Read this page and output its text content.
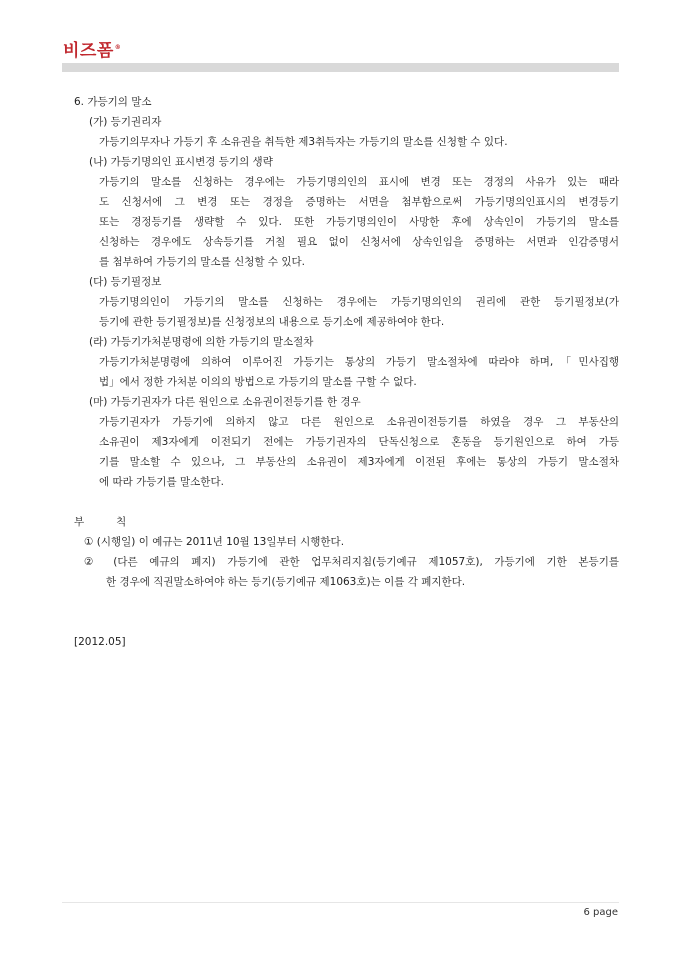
비즈폼®
6. 가등기의 말소
(가) 등기권리자
가등기의무자나 가등기 후 소유권을 취득한 제3취득자는 가등기의 말소를 신청할 수 있다.
(나) 가등기명의인 표시변경 등기의 생략
가등기의 말소를 신청하는 경우에는 가등기명의인의 표시에 변경 또는 경정의 사유가 있는 때라
도 신청서에 그 변경 또는 경정을 증명하는 서면을 첨부함으로써 가등기명의인표시의 변경등기
또는 경정등기를 생략할 수 있다. 또한 가등기명의인이 사망한 후에 상속인이 가등기의 말소를
신청하는 경우에도 상속등기를 거칠 필요 없이 신청서에 상속인임을 증명하는 서면과 인감증명서
를 첨부하여 가등기의 말소를 신청할 수 있다.
(다) 등기필정보
가등기명의인이 가등기의 말소를 신청하는 경우에는 가등기명의인의 권리에 관한 등기필정보(가
등기에 관한 등기필정보)를 신청정보의 내용으로 등기소에 제공하여야 한다.
(라) 가등기가처분명령에 의한 가등기의 말소절차
가등기가처분명령에 의하여 이루어진 가등기는 통상의 가등기 말소절차에 따라야 하며,「민사집행
법」에서 정한 가처분 이의의 방법으로 가등기의 말소를 구할 수 없다.
(마) 가등기권자가 다른 원인으로 소유권이전등기를 한 경우
가등기권자가 가등기에 의하지 않고 다른 원인으로 소유권이전등기를 하였을 경우 그 부동산의
소유권이 제3자에게 이전되기 전에는 가등기권자의 단독신청으로 혼동을 등기원인으로 하여 가등
기를 말소할 수 있으나, 그 부동산의 소유권이 제3자에게 이전된 후에는 통상의 가등기 말소절차
에 따라 가등기를 말소한다.
부	칙
① (시행일) 이 예규는 2011년 10월 13일부터 시행한다.
② (다른 예규의 폐지) 가등기에 관한 업무처리지침(등기예규 제1057호), 가등기에 기한 본등기를
한 경우에 직권말소하여야 하는 등기(등기예규 제1063호)는 이를 각 폐지한다.
[2012.05]
6 page
